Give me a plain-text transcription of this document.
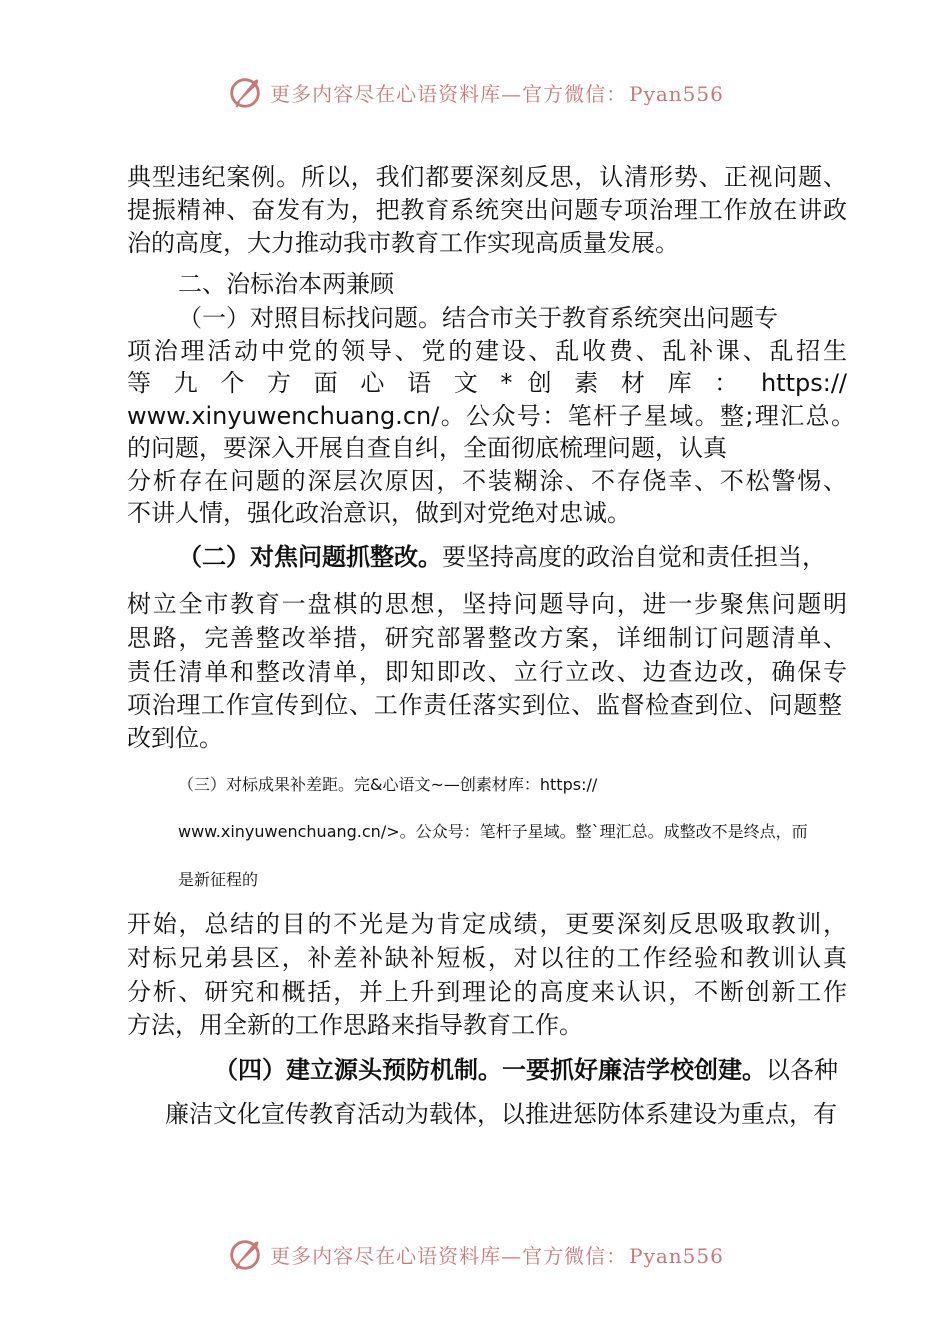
更多内容尽在心语资料库—官方微信： Pyan556
典型违纪案例。所以，我们都要深刻反思，认清形势、正视问题、
提振精神、奋发有为，把教育系统突出问题专项治理工作放在讲政
治的高度，大力推动我市教育工作实现高质量发展。
二、治标治本两兼顾
（一）对照目标找问题。结合市关于教育系统突出问题专
项治理活动中党的领导、党的建设、乱收费、乱补课、乱招生
等 九 个 方 面 心 语 文 * 创 素 材 库 ： https://
www.xinyuwenchuang.cn/。公众号：笔杆子星域。整;理汇总。
的问题，要深入开展自查自纠，全面彻底梳理问题，认真
分析存在问题的深层次原因，不装糊涂、不存侥幸、不松警惕、
不讲人情，强化政治意识，做到对党绝对忠诚。
（二）对焦问题抓整改。要坚持高度的政治自觉和责任担当，
树立全市教育一盘棋的思想，坚持问题导向，进一步聚焦问题明
思路，完善整改举措，研究部署整改方案，详细制订问题清单、
责任清单和整改清单，即知即改、立行立改、边查边改，确保专
项治理工作宣传到位、工作责任落实到位、监督检查到位、问题整
改到位。
（三）对标成果补差距。完&心语文~—创素材库：https://
www.xinyuwenchuang.cn/>。公众号：笔杆子星域。整`理汇总。成整改不是终点，而
是新征程的
开始，总结的目的不光是为肯定成绩，更要深刻反思吸取教训，
对标兄弟县区，补差补缺补短板，对以往的工作经验和教训认真
分析、研究和概括，并上升到理论的高度来认识，不断创新工作
方法，用全新的工作思路来指导教育工作。
（四）建立源头预防机制。一要抓好廉洁学校创建。以各种
廉洁文化宣传教育活动为载体，以推进惩防体系建设为重点，有
更多内容尽在心语资料库—官方微信： Pyan556
